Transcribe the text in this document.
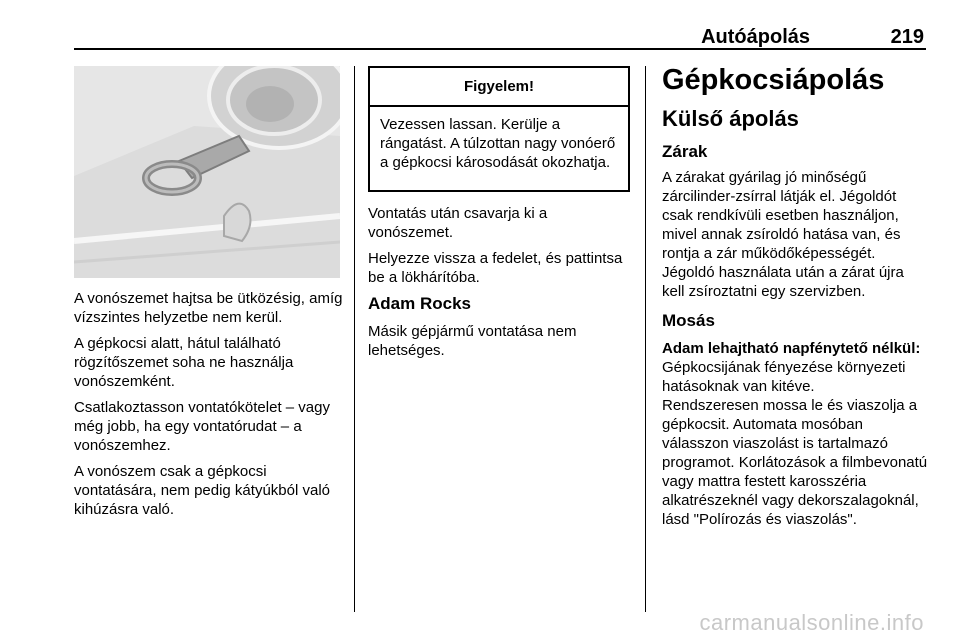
Autóápolás	219

A vonószemet hajtsa be ütközésig, amíg vízszintes helyzetbe nem kerül.

A gépkocsi alatt, hátul található rögzítőszemet soha ne használja vonószemként.

Csatlakoztasson vontatókötelet – vagy még jobb, ha egy vontatórudat – a vonószemhez.

A vonószem csak a gépkocsi vontatására, nem pedig kátyúkból való kihúzásra való.

Figyelem!
Vezessen lassan. Kerülje a rángatást. A túlzottan nagy vonóerő a gépkocsi károsodását okozhatja.

Vontatás után csavarja ki a vonószemet.

Helyezze vissza a fedelet, és pattintsa be a lökhárítóba.

Adam Rocks

Másik gépjármű vontatása nem lehetséges.

Gépkocsiápolás
Külső ápolás
Zárak

A zárakat gyárilag jó minőségű zárcilinder-zsírral látják el. Jégoldót csak rendkívüli esetben használjon, mivel annak zsíroldó hatása van, és rontja a zár működőképességét. Jégoldó használata után a zárat újra kell zsíroztatni egy szervizben.

Mosás
Adam lehajtható napfénytető nélkül:
Gépkocsijának fényezése környezeti hatásoknak van kitéve.
Rendszeresen mossa le és viaszolja a gépkocsit. Automata mosóban válasszon viaszolást is tartalmazó programot. Korlátozások a filmbevonatú vagy mattra festett karosszéria alkatrészeknél vagy dekorszalagoknál, lásd "Polírozás és viaszolás".
carmanualsonline.info
